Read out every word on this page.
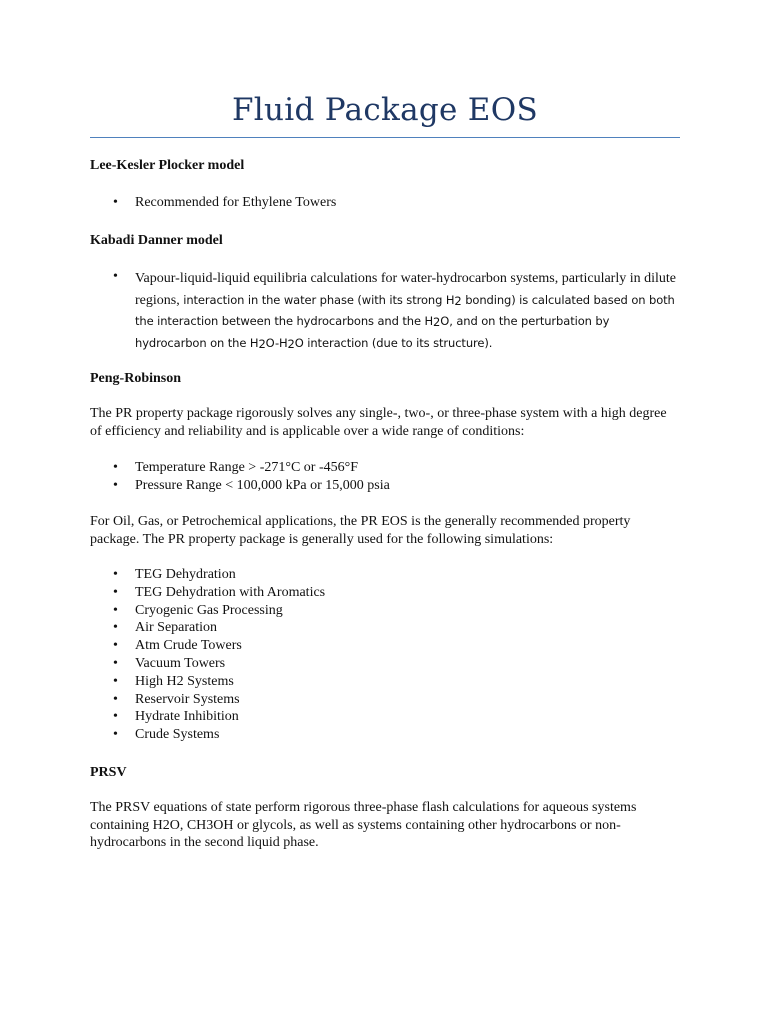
Fluid Package EOS
Lee-Kesler Plocker model
• Recommended for Ethylene Towers
Kabadi Danner model
• Vapour-liquid-liquid equilibria calculations for water-hydrocarbon systems, particularly in dilute regions, interaction in the water phase (with its strong $H_2$ bonding) is calculated based on both the interaction between the hydrocarbons and the $H_2O$, and on the perturbation by hydrocarbon on the $H_2O-H_2O$ interaction (due to its structure).
Peng-Robinson

The PR property package rigorously solves any single-, two-, or three-phase system with a high degree of efficiency and reliability and is applicable over a wide range of conditions:

• Temperature Range > -271°C or -456°F
• Pressure Range < 100,000 kPa or 15,000 psia

For Oil, Gas, or Petrochemical applications, the PR EOS is the generally recommended property package. The PR property package is generally used for the following simulations:

• TEG Dehydration
• TEG Dehydration with Aromatics
• Cryogenic Gas Processing
• Air Separation
• Atm Crude Towers
• Vacuum Towers
• High H2 Systems
• Reservoir Systems
• Hydrate Inhibition
• Crude Systems
PRSV

The PRSV equations of state perform rigorous three-phase flash calculations for aqueous systems containing H2O, CH3OH or glycols, as well as systems containing other hydrocarbons or non-hydrocarbons in the second liquid phase.
